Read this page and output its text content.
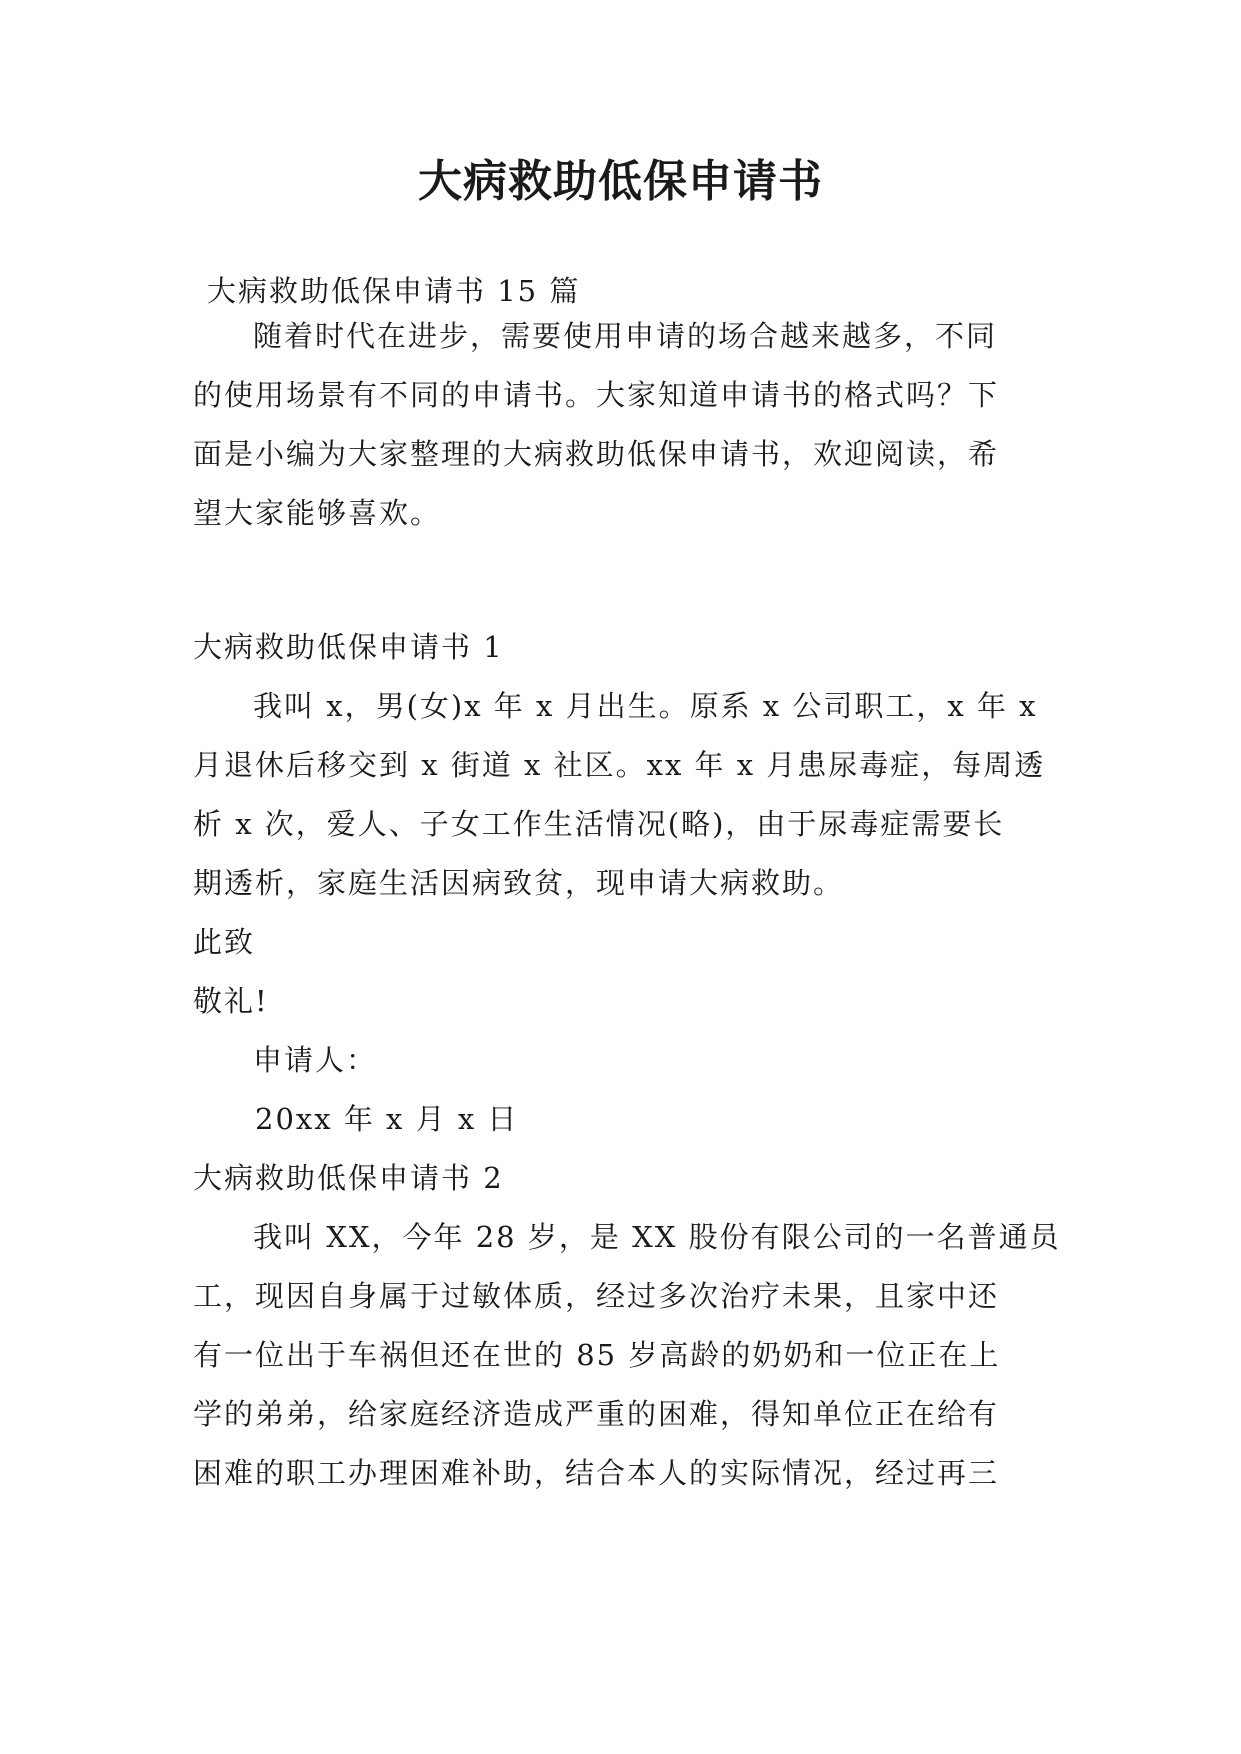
大病救助低保申请书
大病救助低保申请书 15 篇
随着时代在进步，需要使用申请的场合越来越多，不同
的使用场景有不同的申请书。大家知道申请书的格式吗？下
面是小编为大家整理的大病救助低保申请书，欢迎阅读，希
望大家能够喜欢。
大病救助低保申请书 1
我叫 x，男(女)x 年 x 月出生。原系 x 公司职工，x 年 x
月退休后移交到 x 街道 x 社区。xx 年 x 月患尿毒症，每周透
析 x 次，爱人、子女工作生活情况(略)，由于尿毒症需要长
期透析，家庭生活因病致贫，现申请大病救助。
此致
敬礼!
申请人：
20xx 年 x 月 x 日
大病救助低保申请书 2
我叫 XX，今年 28 岁，是 XX 股份有限公司的一名普通员
工，现因自身属于过敏体质，经过多次治疗未果，且家中还
有一位出于车祸但还在世的 85 岁高龄的奶奶和一位正在上
学的弟弟，给家庭经济造成严重的困难，得知单位正在给有
困难的职工办理困难补助，结合本人的实际情况，经过再三
